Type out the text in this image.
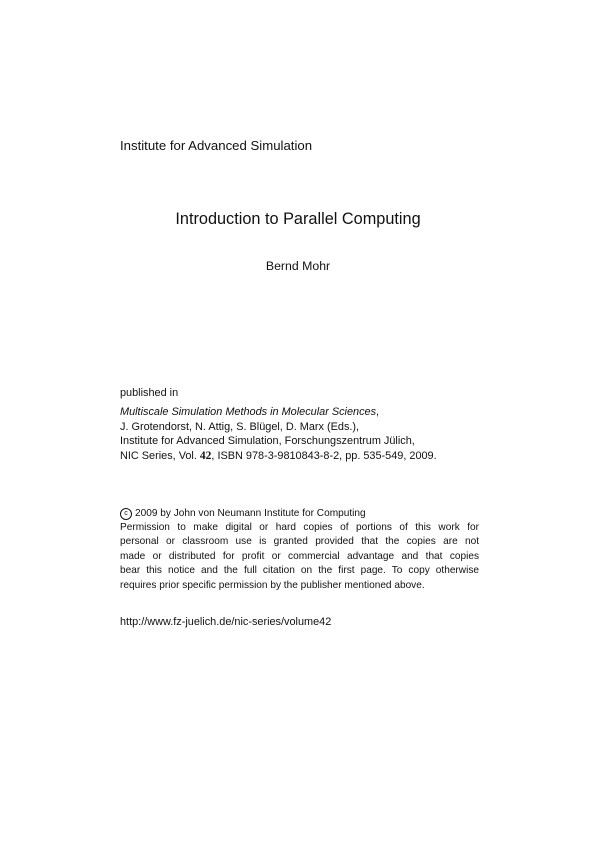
Institute for Advanced Simulation
Introduction to Parallel Computing
Bernd Mohr
published in
Multiscale Simulation Methods in Molecular Sciences,
J. Grotendorst, N. Attig, S. Blügel, D. Marx (Eds.),
Institute for Advanced Simulation, Forschungszentrum Jülich,
NIC Series, Vol. 42, ISBN 978-3-9810843-8-2, pp. 535-549, 2009.
c 2009 by John von Neumann Institute for Computing
Permission to make digital or hard copies of portions of this work for
personal or classroom use is granted provided that the copies are not
made or distributed for profit or commercial advantage and that copies
bear this notice and the full citation on the first page. To copy otherwise
requires prior specific permission by the publisher mentioned above.
http://www.fz-juelich.de/nic-series/volume42
